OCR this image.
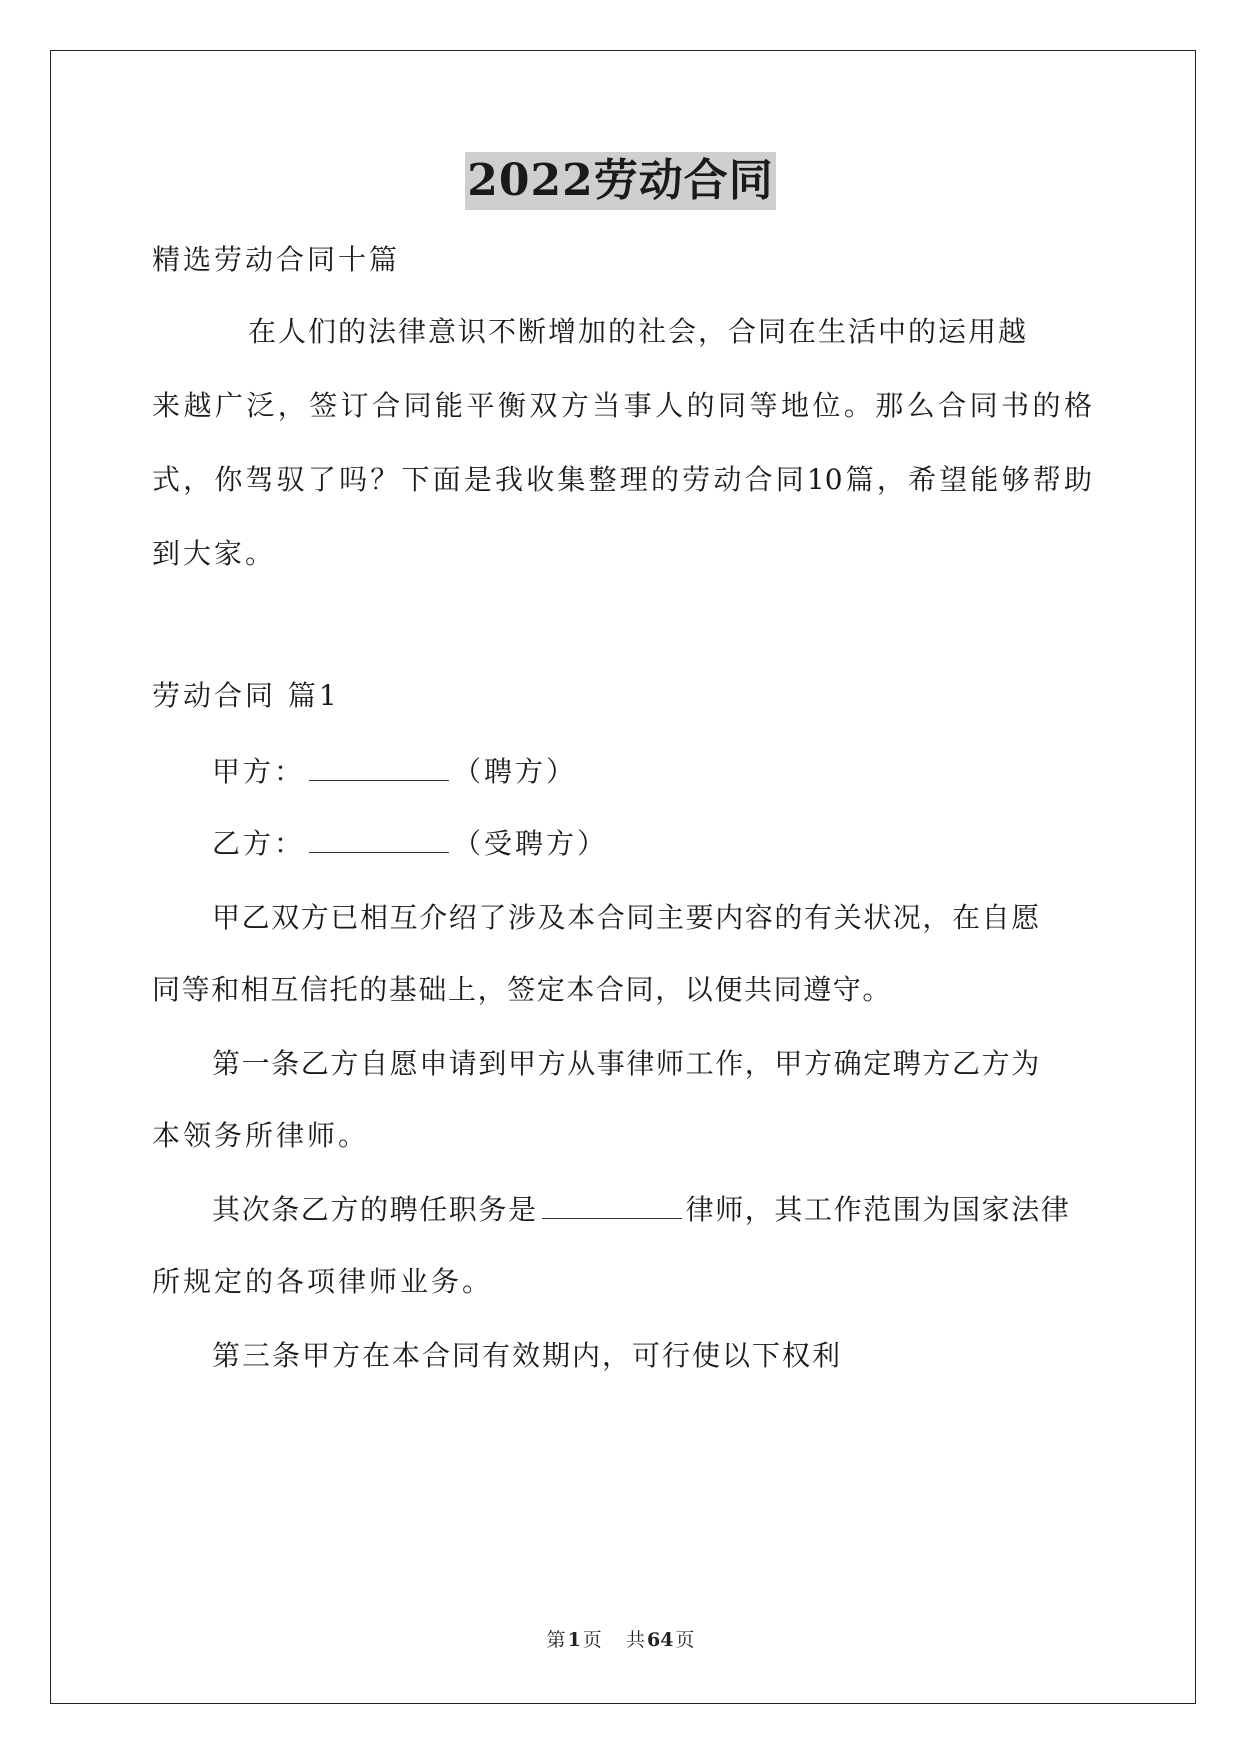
2022劳动合同
精选劳动合同十篇
在人们的法律意识不断增加的社会，合同在生活中的运用越
来越广泛，签订合同能平衡双方当事人的同等地位。那么合同书的格
式，你驾驭了吗？下面是我收集整理的劳动合同10篇，希望能够帮助
到大家。
劳动合同 篇1
甲方：	（聘方）
乙方：	（受聘方）
甲乙双方已相互介绍了涉及本合同主要内容的有关状况，在自愿
同等和相互信托的基础上，签定本合同，以便共同遵守。
第一条乙方自愿申请到甲方从事律师工作，甲方确定聘方乙方为
本领务所律师。
其次条乙方的聘任职务是	律师，其工作范围为国家法律
所规定的各项律师业务。
第三条甲方在本合同有效期内，可行使以下权利
第 1 页    共 64 页
